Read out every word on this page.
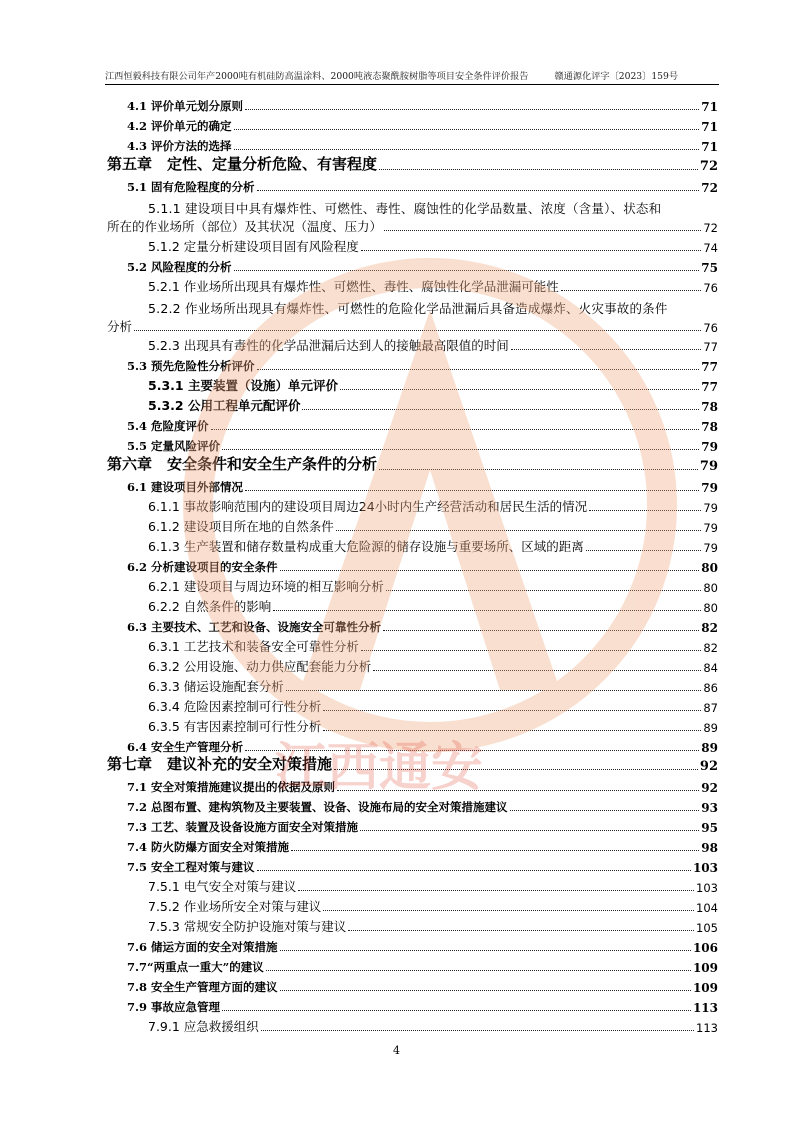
江西恒毅科技有限公司年产2000吨有机硅防高温涂料、2000吨液态聚酰胺树脂等项目安全条件评价报告	赣通源化评字〔2023〕159号
4.1 评价单元划分原则	71
4.2 评价单元的确定	71
4.3 评价方法的选择	71
第五章　定性、定量分析危险、有害程度	72
5.1 固有危险程度的分析	72
5.1.1 建设项目中具有爆炸性、可燃性、毒性、腐蚀性的化学品数量、浓度（含量）、状态和
所在的作业场所（部位）及其状况（温度、压力）	72
5.1.2 定量分析建设项目固有风险程度	74
5.2 风险程度的分析	75
5.2.1 作业场所出现具有爆炸性、可燃性、毒性、腐蚀性化学品泄漏可能性	76
5.2.2 作业场所出现具有爆炸性、可燃性的危险化学品泄漏后具备造成爆炸、火灾事故的条件
分析	76
5.2.3 出现具有毒性的化学品泄漏后达到人的接触最高限值的时间	77
5.3 预先危险性分析评价	77
5.3.1 主要装置（设施）单元评价	77
5.3.2 公用工程单元配评价	78
5.4 危险度评价	78
5.5 定量风险评价	79
第六章　安全条件和安全生产条件的分析	79
6.1 建设项目外部情况	79
6.1.1 事故影响范围内的建设项目周边24小时内生产经营活动和居民生活的情况	79
6.1.2 建设项目所在地的自然条件	79
6.1.3 生产装置和储存数量构成重大危险源的储存设施与重要场所、区域的距离	79
6.2 分析建设项目的安全条件	80
6.2.1 建设项目与周边环境的相互影响分析	80
6.2.2 自然条件的影响	80
6.3 主要技术、工艺和设备、设施安全可靠性分析	82
6.3.1 工艺技术和装备安全可靠性分析	82
6.3.2 公用设施、动力供应配套能力分析	84
6.3.3 储运设施配套分析	86
6.3.4 危险因素控制可行性分析	87
6.3.5 有害因素控制可行性分析	89
6.4 安全生产管理分析	89
第七章　建议补充的安全对策措施	92
7.1 安全对策措施建议提出的依据及原则	92
7.2 总图布置、建构筑物及主要装置、设备、设施布局的安全对策措施建议	93
7.3 工艺、装置及设备设施方面安全对策措施	95
7.4 防火防爆方面安全对策措施	98
7.5 安全工程对策与建议	103
7.5.1 电气安全对策与建议	103
7.5.2 作业场所安全对策与建议	104
7.5.3 常规安全防护设施对策与建议	105
7.6 储运方面的安全对策措施	106
7.7“两重点一重大”的建议	109
7.8 安全生产管理方面的建议	109
7.9 事故应急管理	113
7.9.1 应急救援组织	113
江西通安
4
